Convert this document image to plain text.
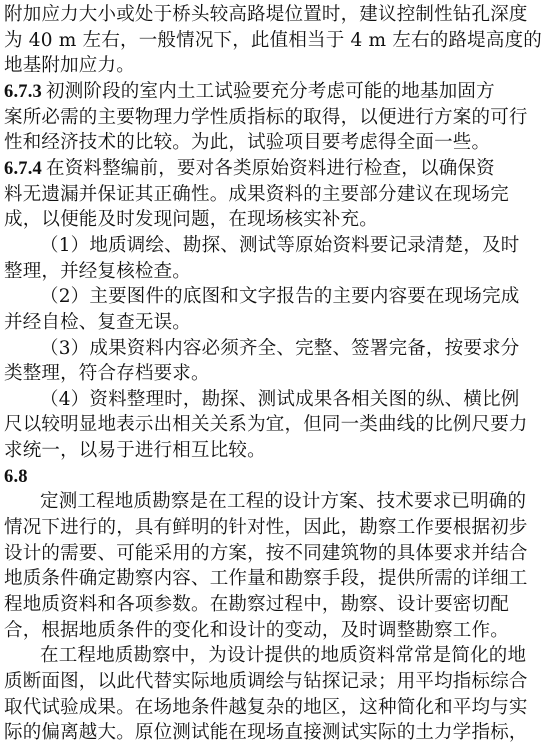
附加应力大小或处于桥头较高路堤位置时，建议控制性钻孔深度
为 40 m 左右，一般情况下，此值相当于 4 m 左右的路堤高度的
地基附加应力。
6.7.3 初测阶段的室内土工试验要充分考虑可能的地基加固方
案所必需的主要物理力学性质指标的取得，以便进行方案的可行
性和经济技术的比较。为此，试验项目要考虑得全面一些。
6.7.4 在资料整编前，要对各类原始资料进行检查，以确保资
料无遗漏并保证其正确性。成果资料的主要部分建议在现场完
成，以便能及时发现问题，在现场核实补充。
（1）地质调绘、勘探、测试等原始资料要记录清楚，及时
整理，并经复核检查。
（2）主要图件的底图和文字报告的主要内容要在现场完成
并经自检、复查无误。
（3）成果资料内容必须齐全、完整、签署完备，按要求分
类整理，符合存档要求。
（4）资料整理时，勘探、测试成果各相关图的纵、横比例
尺以较明显地表示出相关关系为宜，但同一类曲线的比例尺要力
求统一，以易于进行相互比较。
6.8
定测工程地质勘察是在工程的设计方案、技术要求已明确的
情况下进行的，具有鲜明的针对性，因此，勘察工作要根据初步
设计的需要、可能采用的方案，按不同建筑物的具体要求并结合
地质条件确定勘察内容、工作量和勘察手段，提供所需的详细工
程地质资料和各项参数。在勘察过程中，勘察、设计要密切配
合，根据地质条件的变化和设计的变动，及时调整勘察工作。
在工程地质勘察中，为设计提供的地质资料常常是简化的地
质断面图，以此代替实际地质调绘与钻探记录；用平均指标综合
取代试验成果。在场地条件越复杂的地区，这种简化和平均与实
际的偏离越大。原位测试能在现场直接测试实际的土力学指标，
